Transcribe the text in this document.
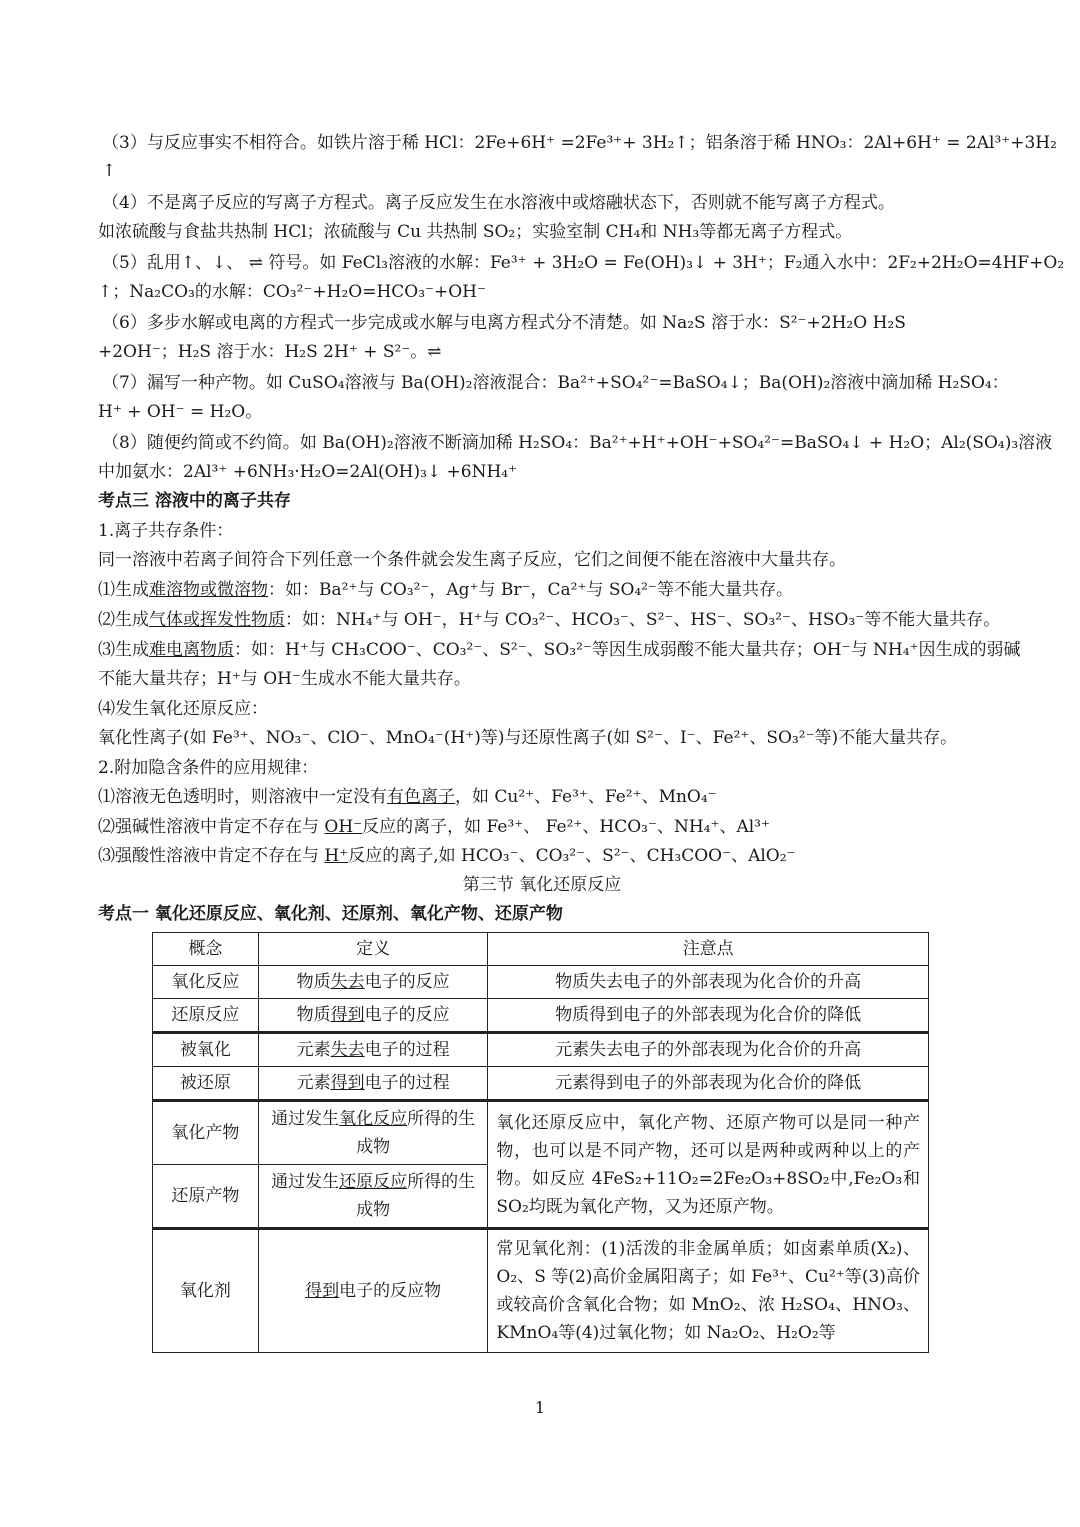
（3）与反应事实不相符合。如铁片溶于稀 HCl：2Fe+6H⁺ =2Fe³⁺+ 3H₂↑；铝条溶于稀 HNO₃：2Al+6H⁺ = 2Al³⁺+3H₂
↑
（4）不是离子反应的写离子方程式。离子反应发生在水溶液中或熔融状态下，否则就不能写离子方程式。
如浓硫酸与食盐共热制 HCl；浓硫酸与 Cu 共热制 SO₂；实验室制 CH₄和 NH₃等都无离子方程式。
（5）乱用↑、↓、 ⇌ 符号。如 FeCl₃溶液的水解：Fe³⁺ + 3H₂O = Fe(OH)₃↓ + 3H⁺；F₂通入水中：2F₂+2H₂O=4HF+O₂
↑；Na₂CO₃的水解：CO₃²⁻+H₂O=HCO₃⁻+OH⁻
（6）多步水解或电离的方程式一步完成或水解与电离方程式分不清楚。如 Na₂S 溶于水：S²⁻+2H₂O H₂S
+2OH⁻；H₂S 溶于水：H₂S 2H⁺ + S²⁻。⇌
（7）漏写一种产物。如 CuSO₄溶液与 Ba(OH)₂溶液混合：Ba²⁺+SO₄²⁻=BaSO₄↓；Ba(OH)₂溶液中滴加稀 H₂SO₄：
H⁺ + OH⁻ = H₂O。
（8）随便约简或不约简。如 Ba(OH)₂溶液不断滴加稀 H₂SO₄：Ba²⁺+H⁺+OH⁻+SO₄²⁻=BaSO₄↓ + H₂O；Al₂(SO₄)₃溶液
中加氨水：2Al³⁺ +6NH₃·H₂O=2Al(OH)₃↓ +6NH₄⁺
考点三 溶液中的离子共存
1.离子共存条件：
同一溶液中若离子间符合下列任意一个条件就会发生离子反应，它们之间便不能在溶液中大量共存。
⑴生成难溶物或微溶物：如：Ba²⁺与 CO₃²⁻，Ag⁺与 Br⁻，Ca²⁺与 SO₄²⁻等不能大量共存。
⑵生成气体或挥发性物质：如：NH₄⁺与 OH⁻，H⁺与 CO₃²⁻、HCO₃⁻、S²⁻、HS⁻、SO₃²⁻、HSO₃⁻等不能大量共存。
⑶生成难电离物质：如：H⁺与 CH₃COO⁻、CO₃²⁻、S²⁻、SO₃²⁻等因生成弱酸不能大量共存；OH⁻与 NH₄⁺因生成的弱碱
不能大量共存；H⁺与 OH⁻生成水不能大量共存。
⑷发生氧化还原反应：
氧化性离子(如 Fe³⁺、NO₃⁻、ClO⁻、MnO₄⁻(H⁺)等)与还原性离子(如 S²⁻、I⁻、Fe²⁺、SO₃²⁻等)不能大量共存。
2.附加隐含条件的应用规律：
⑴溶液无色透明时，则溶液中一定没有有色离子，如 Cu²⁺、Fe³⁺、Fe²⁺、MnO₄⁻
⑵强碱性溶液中肯定不存在与 OH⁻反应的离子，如 Fe³⁺、 Fe²⁺、HCO₃⁻、NH₄⁺、Al³⁺
⑶强酸性溶液中肯定不存在与 H⁺反应的离子,如 HCO₃⁻、CO₃²⁻、S²⁻、CH₃COO⁻、AlO₂⁻
第三节 氧化还原反应
考点一 氧化还原反应、氧化剂、还原剂、氧化产物、还原产物
概念	定义	注意点
氧化反应	物质失去电子的反应	物质失去电子的外部表现为化合价的升高
还原反应	物质得到电子的反应	物质得到电子的外部表现为化合价的降低
被氧化	元素失去电子的过程	元素失去电子的外部表现为化合价的升高
被还原	元素得到电子的过程	元素得到电子的外部表现为化合价的降低
氧化产物	通过发生氧化反应所得的生成物	氧化还原反应中，氧化产物、还原产物可以是同一种产物，也可以是不同产物，还可以是两种或两种以上的产物。如反应 4FeS₂+11O₂=2Fe₂O₃+8SO₂中,Fe₂O₃和 SO₂均既为氧化产物，又为还原产物。
还原产物	通过发生还原反应所得的生成物	
氧化剂	得到电子的反应物	常见氧化剂：(1)活泼的非金属单质；如卤素单质(X₂)、O₂、S 等(2)高价金属阳离子；如 Fe³⁺、Cu²⁺等(3)高价或较高价含氧化合物；如 MnO₂、浓 H₂SO₄、HNO₃、KMnO₄等(4)过氧化物；如 Na₂O₂、H₂O₂等
1
